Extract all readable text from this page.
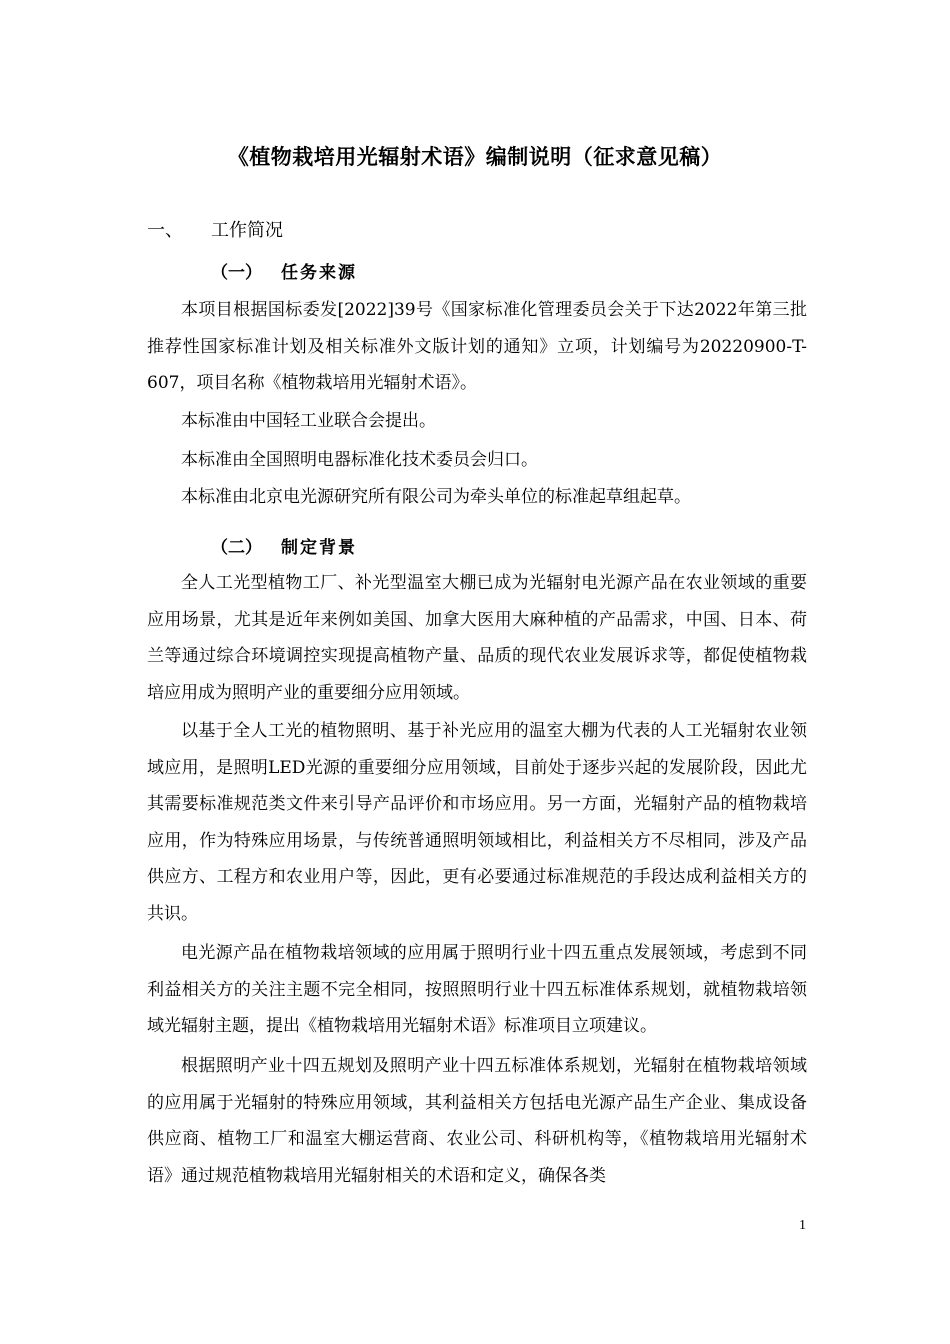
《植物栽培用光辐射术语》编制说明（征求意见稿）
一、 工作简况
（一） 任务来源
本项目根据国标委发[2022]39号《国家标准化管理委员会关于下达2022年第三批推荐性国家标准计划及相关标准外文版计划的通知》立项，计划编号为20220900-T-607，项目名称《植物栽培用光辐射术语》。
本标准由中国轻工业联合会提出。
本标准由全国照明电器标准化技术委员会归口。
本标准由北京电光源研究所有限公司为牵头单位的标准起草组起草。
（二） 制定背景
全人工光型植物工厂、补光型温室大棚已成为光辐射电光源产品在农业领域的重要应用场景，尤其是近年来例如美国、加拿大医用大麻种植的产品需求，中国、日本、荷兰等通过综合环境调控实现提高植物产量、品质的现代农业发展诉求等，都促使植物栽培应用成为照明产业的重要细分应用领域。
以基于全人工光的植物照明、基于补光应用的温室大棚为代表的人工光辐射农业领域应用，是照明LED光源的重要细分应用领域，目前处于逐步兴起的发展阶段，因此尤其需要标准规范类文件来引导产品评价和市场应用。另一方面，光辐射产品的植物栽培应用，作为特殊应用场景，与传统普通照明领域相比，利益相关方不尽相同，涉及产品供应方、工程方和农业用户等，因此，更有必要通过标准规范的手段达成利益相关方的共识。
电光源产品在植物栽培领域的应用属于照明行业十四五重点发展领域，考虑到不同利益相关方的关注主题不完全相同，按照照明行业十四五标准体系规划，就植物栽培领域光辐射主题，提出《植物栽培用光辐射术语》标准项目立项建议。
根据照明产业十四五规划及照明产业十四五标准体系规划，光辐射在植物栽培领域的应用属于光辐射的特殊应用领域，其利益相关方包括电光源产品生产企业、集成设备供应商、植物工厂和温室大棚运营商、农业公司、科研机构等，《植物栽培用光辐射术语》通过规范植物栽培用光辐射相关的术语和定义，确保各类
1
